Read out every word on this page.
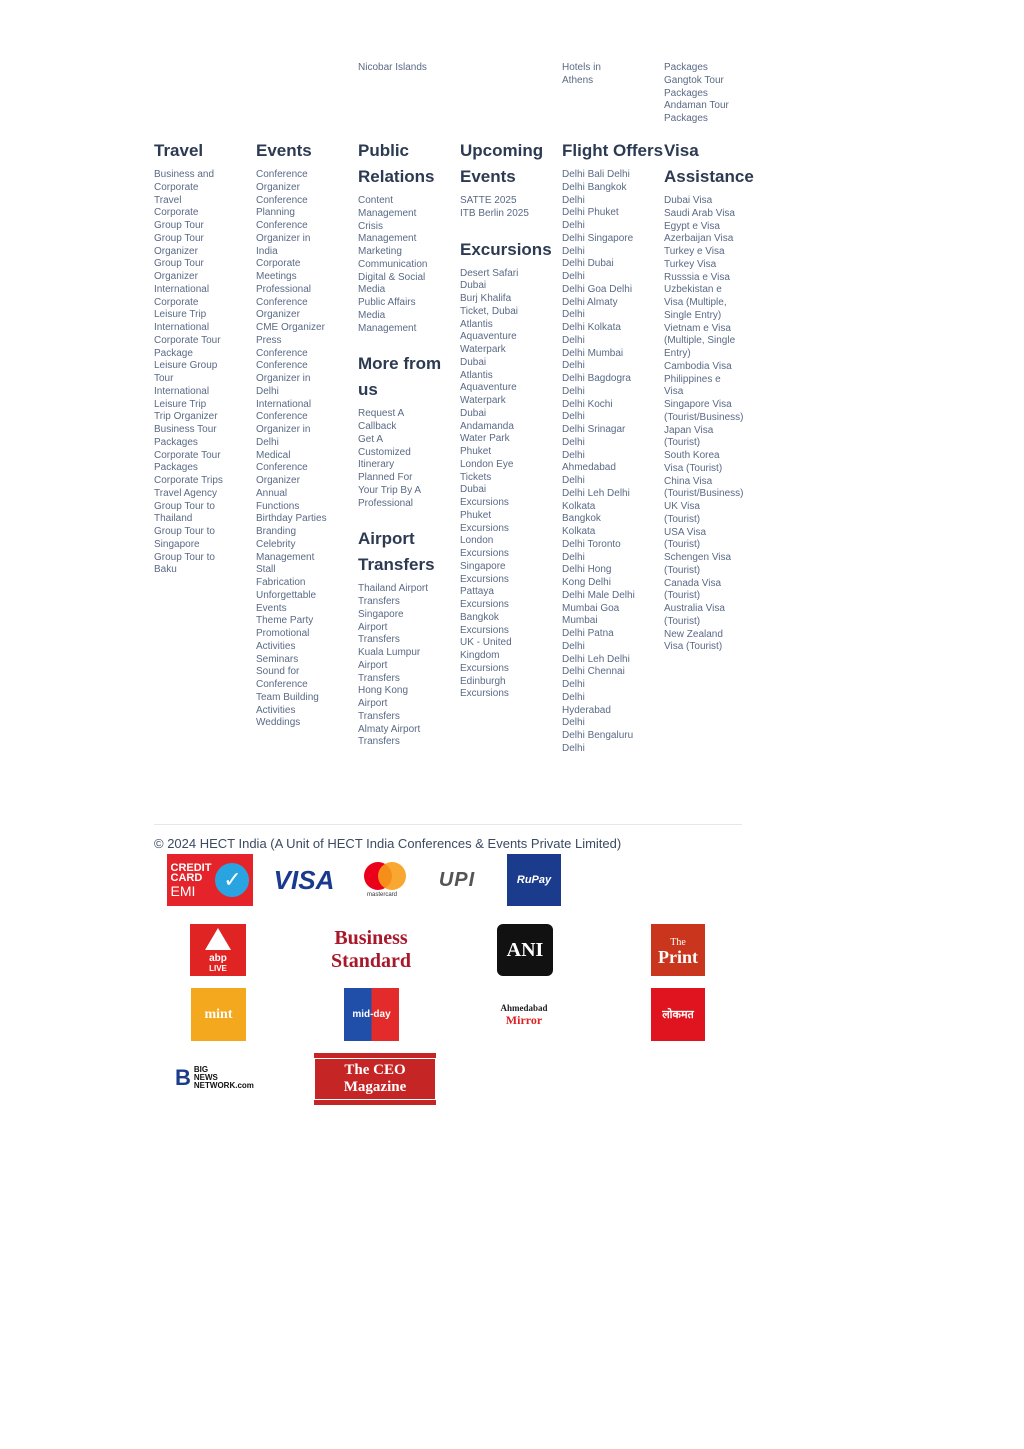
Nicobar Islands	Hotels in
Athens
Packages
Gangtok Tour
Packages
Andaman Tour
Packages
Travel
Business and
Corporate
Travel
Corporate
Group Tour
Group Tour
Organizer
Group Tour
Organizer
International
Corporate
Leisure Trip
International
Corporate Tour
Package
Leisure Group
Tour
International
Leisure Trip
Trip Organizer
Business Tour
Packages
Corporate Tour
Packages
Corporate Trips
Travel Agency
Group Tour to
Thailand
Group Tour to
Singapore
Group Tour to
Baku
Events
Conference
Organizer
Conference
Planning
Conference
Organizer in
India
Corporate
Meetings
Professional
Conference
Organizer
CME Organizer
Press
Conference
Conference
Organizer in
Delhi
International
Conference
Organizer in
Delhi
Medical
Conference
Organizer
Annual
Functions
Birthday Parties
Branding
Celebrity
Management
Stall
Fabrication
Unforgettable
Events
Theme Party
Promotional
Activities
Seminars
Sound for
Conference
Team Building
Activities
Weddings
Public Relations
Content
Management
Crisis
Management
Marketing
Communication
Digital & Social
Media
Public Affairs
Media
Management
More from us
Request A
Callback
Get A
Customized
Itinerary
Planned For
Your Trip By A
Professional
Airport Transfers
Thailand Airport
Transfers
Singapore
Airport
Transfers
Kuala Lumpur
Airport
Transfers
Hong Kong
Airport
Transfers
Almaty Airport
Transfers
Upcoming Events
SATTE 2025
ITB Berlin 2025
Excursions
Desert Safari
Dubai
Burj Khalifa
Ticket, Dubai
Atlantis
Aquaventure
Waterpark
Dubai
Atlantis
Aquaventure
Waterpark
Dubai
Andamanda
Water Park
Phuket
London Eye
Tickets
Dubai
Excursions
Phuket
Excursions
London
Excursions
Singapore
Excursions
Pattaya
Excursions
Bangkok
Excursions
UK - United
Kingdom
Excursions
Edinburgh
Excursions
Flight Offers
Delhi Bali Delhi
Delhi Bangkok
Delhi
Delhi Phuket
Delhi
Delhi Singapore
Delhi
Delhi Dubai
Delhi
Delhi Goa Delhi
Delhi Almaty
Delhi
Delhi Kolkata
Delhi
Delhi Mumbai
Delhi
Delhi Bagdogra
Delhi
Delhi Kochi
Delhi
Delhi Srinagar
Delhi
Delhi
Ahmedabad
Delhi
Delhi Leh Delhi
Kolkata
Bangkok
Kolkata
Delhi Toronto
Delhi
Delhi Hong
Kong Delhi
Delhi Male Delhi
Mumbai Goa
Mumbai
Delhi Patna
Delhi
Delhi Leh Delhi
Delhi Chennai
Delhi
Delhi
Hyderabad
Delhi
Delhi Bengaluru
Delhi
Visa Assistance
Dubai Visa
Saudi Arab Visa
Egypt e Visa
Azerbaijan Visa
Turkey e Visa
Turkey Visa
Russsia e Visa
Uzbekistan e
Visa (Multiple,
Single Entry)
Vietnam e Visa
(Multiple, Single
Entry)
Cambodia Visa
Philippines e
Visa
Singapore Visa
(Tourist/Business)
Japan Visa
(Tourist)
South Korea
Visa (Tourist)
China Visa
(Tourist/Business)
UK Visa
(Tourist)
USA Visa
(Tourist)
Schengen Visa
(Tourist)
Canada Visa
(Tourist)
Australia Visa
(Tourist)
New Zealand
Visa (Tourist)
© 2024 HECT India (A Unit of HECT India Conferences & Events Private Limited)
CREDIT
CARD
EMI	✓ VISA
mastercard
UPI	RuPay
abp
LIVE
Business Standard
ANI	The
Print
mint	mid-day
Ahmedabad
Mirror	लोकमत
B BIG
NEWS
NETWORK.com
The CEO Magazine
